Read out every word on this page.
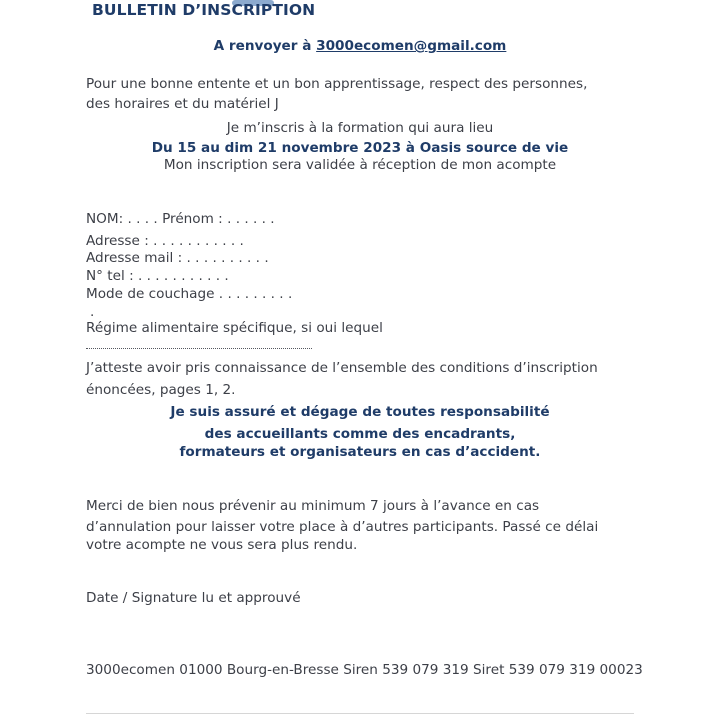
BULLETIN D’INSCRIPTION
A renvoyer à 3000ecomen@gmail.com
Pour une bonne entente et un bon apprentissage, respect des personnes,
des horaires et du matériel J
Je m’inscris à la formation qui aura lieu
Du 15 au dim 21 novembre 2023 à Oasis source de vie
Mon inscription sera validée à réception de mon acompte
NOM: . . . . Prénom : . . . . . .
Adresse : . . . . . . . . . . .
Adresse mail : . . . . . . . . . .
N° tel : . . . . . . . . . . .
Mode de couchage . . . . . . . . .
.
Régime alimentaire spécifique, si oui lequel
J’atteste avoir pris connaissance de l’ensemble des conditions d’inscription
énoncées, pages 1, 2.
Je suis assuré et dégage de toutes responsabilité
des accueillants comme des encadrants,
formateurs et organisateurs en cas d’accident.
Merci de bien nous prévenir au minimum 7 jours à l’avance en cas
d’annulation pour laisser votre place à d’autres participants. Passé ce délai
votre acompte ne vous sera plus rendu.
Date / Signature lu et approuvé
3000ecomen 01000 Bourg-en-Bresse Siren 539 079 319 Siret 539 079 319 00023
